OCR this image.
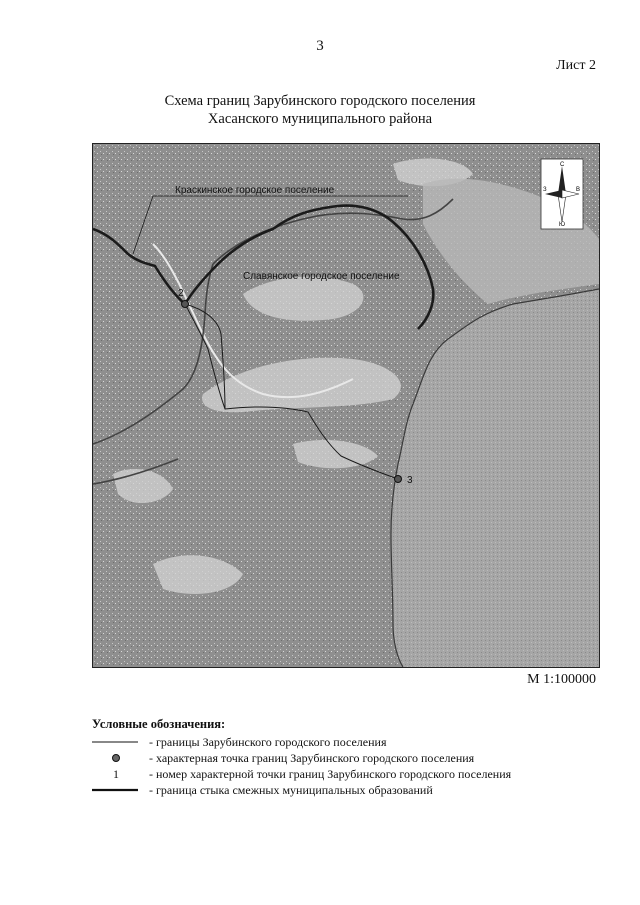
3
Лист 2
Схема границ Зарубинского городского поселения
Хасанского муниципального района
С
Ю
З	В
2
3
Краскинское городское поселение
Славянское городское поселение
М 1:100000
Условные обозначения:
- границы Зарубинского городского поселения
- характерная точка границ Зарубинского городского поселения
1	- номер характерной точки границ Зарубинского городского поселения
- граница стыка смежных муниципальных образований
